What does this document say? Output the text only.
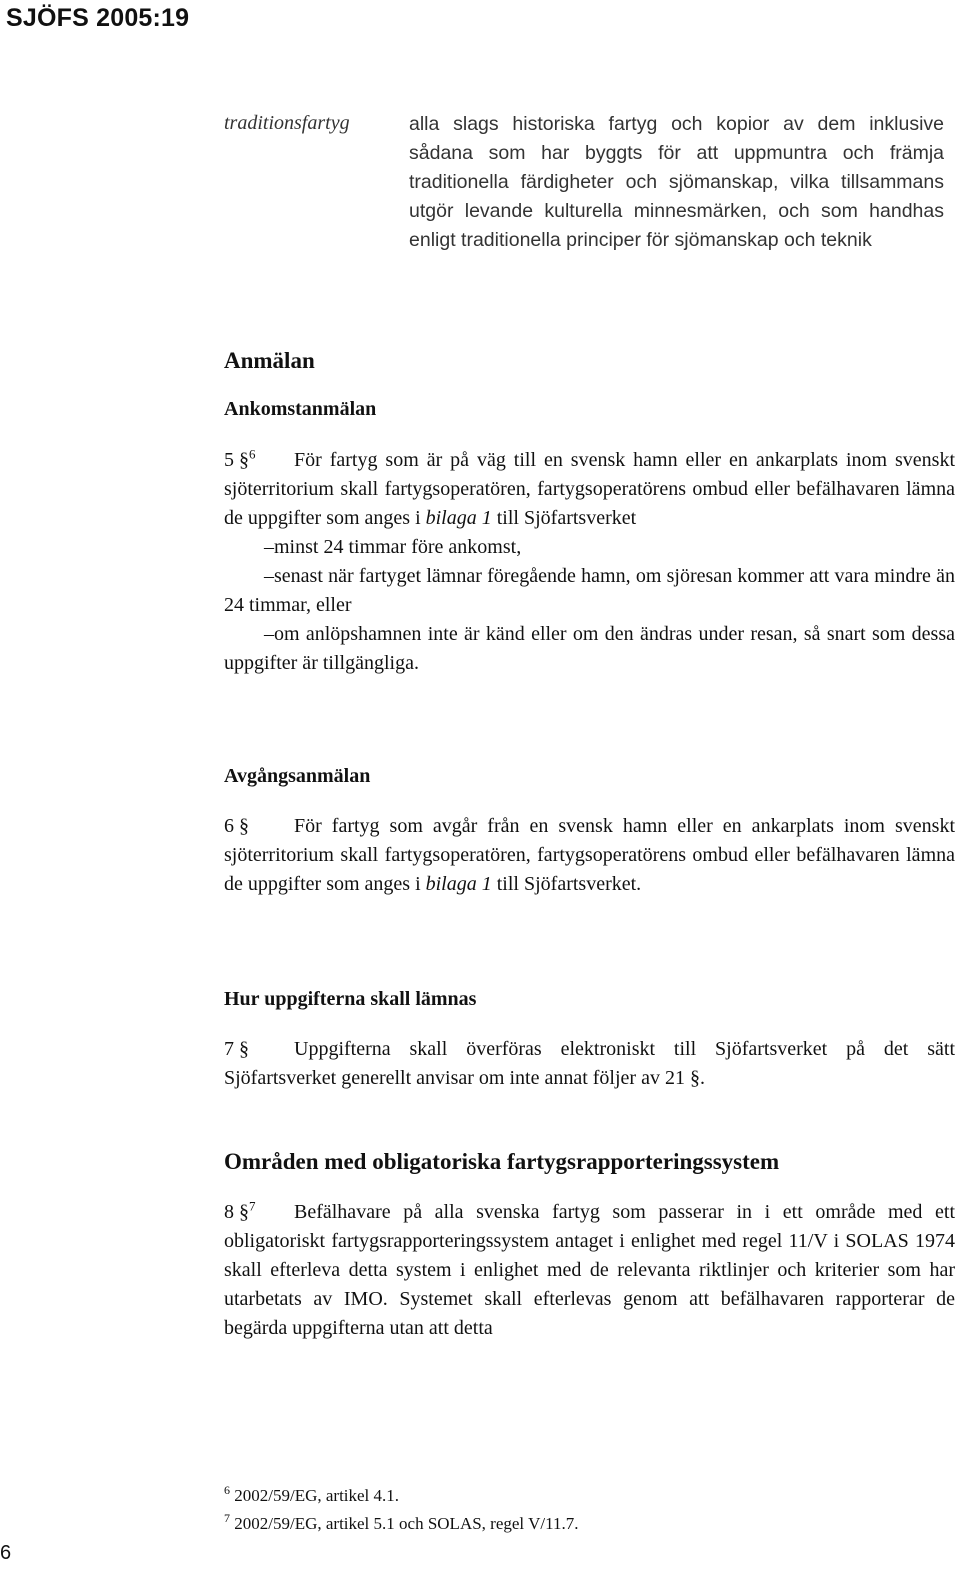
SJÖFS 2005:19
traditionsfartyg	alla slags historiska fartyg och kopior av dem inklusive sådana som har byggts för att uppmuntra och främja traditionella färdigheter och sjömanskap, vilka tillsammans utgör levande kulturella minnesmärken, och som handhas enligt traditionella principer för sjömanskap och teknik
Anmälan
Ankomstanmälan

5 §$^6$ För fartyg som är på väg till en svensk hamn eller en ankarplats inom svenskt sjöterritorium skall fartygsoperatören, fartygsoperatörens ombud eller befälhavaren lämna de uppgifter som anges i bilaga 1 till Sjöfartsverket

–minst 24 timmar före ankomst,

–senast när fartyget lämnar föregående hamn, om sjöresan kommer att vara mindre än 24 timmar, eller

–om anlöpshamnen inte är känd eller om den ändras under resan, så snart som dessa uppgifter är tillgängliga.

Avgångsanmälan

6 § För fartyg som avgår från en svensk hamn eller en ankarplats inom svenskt sjöterritorium skall fartygsoperatören, fartygsoperatörens ombud eller befälhavaren lämna de uppgifter som anges i bilaga 1 till Sjöfartsverket.

Hur uppgifterna skall lämnas

7 § Uppgifterna skall överföras elektroniskt till Sjöfartsverket på det sätt Sjöfartsverket generellt anvisar om inte annat följer av 21 §.

Områden med obligatoriska fartygsrapporteringssystem

8 §$^7$ Befälhavare på alla svenska fartyg som passerar in i ett område med ett obligatoriskt fartygsrapporteringssystem antaget i enlighet med regel 11/V i SOLAS 1974 skall efterleva detta system i enlighet med de relevanta riktlinjer och kriterier som har utarbetats av IMO. Systemet skall efterlevas genom att befälhavaren rapporterar de begärda uppgifterna utan att detta

$^6$ 2002/59/EG, artikel 4.1.
$^7$ 2002/59/EG, artikel 5.1 och SOLAS, regel V/11.7.
6
